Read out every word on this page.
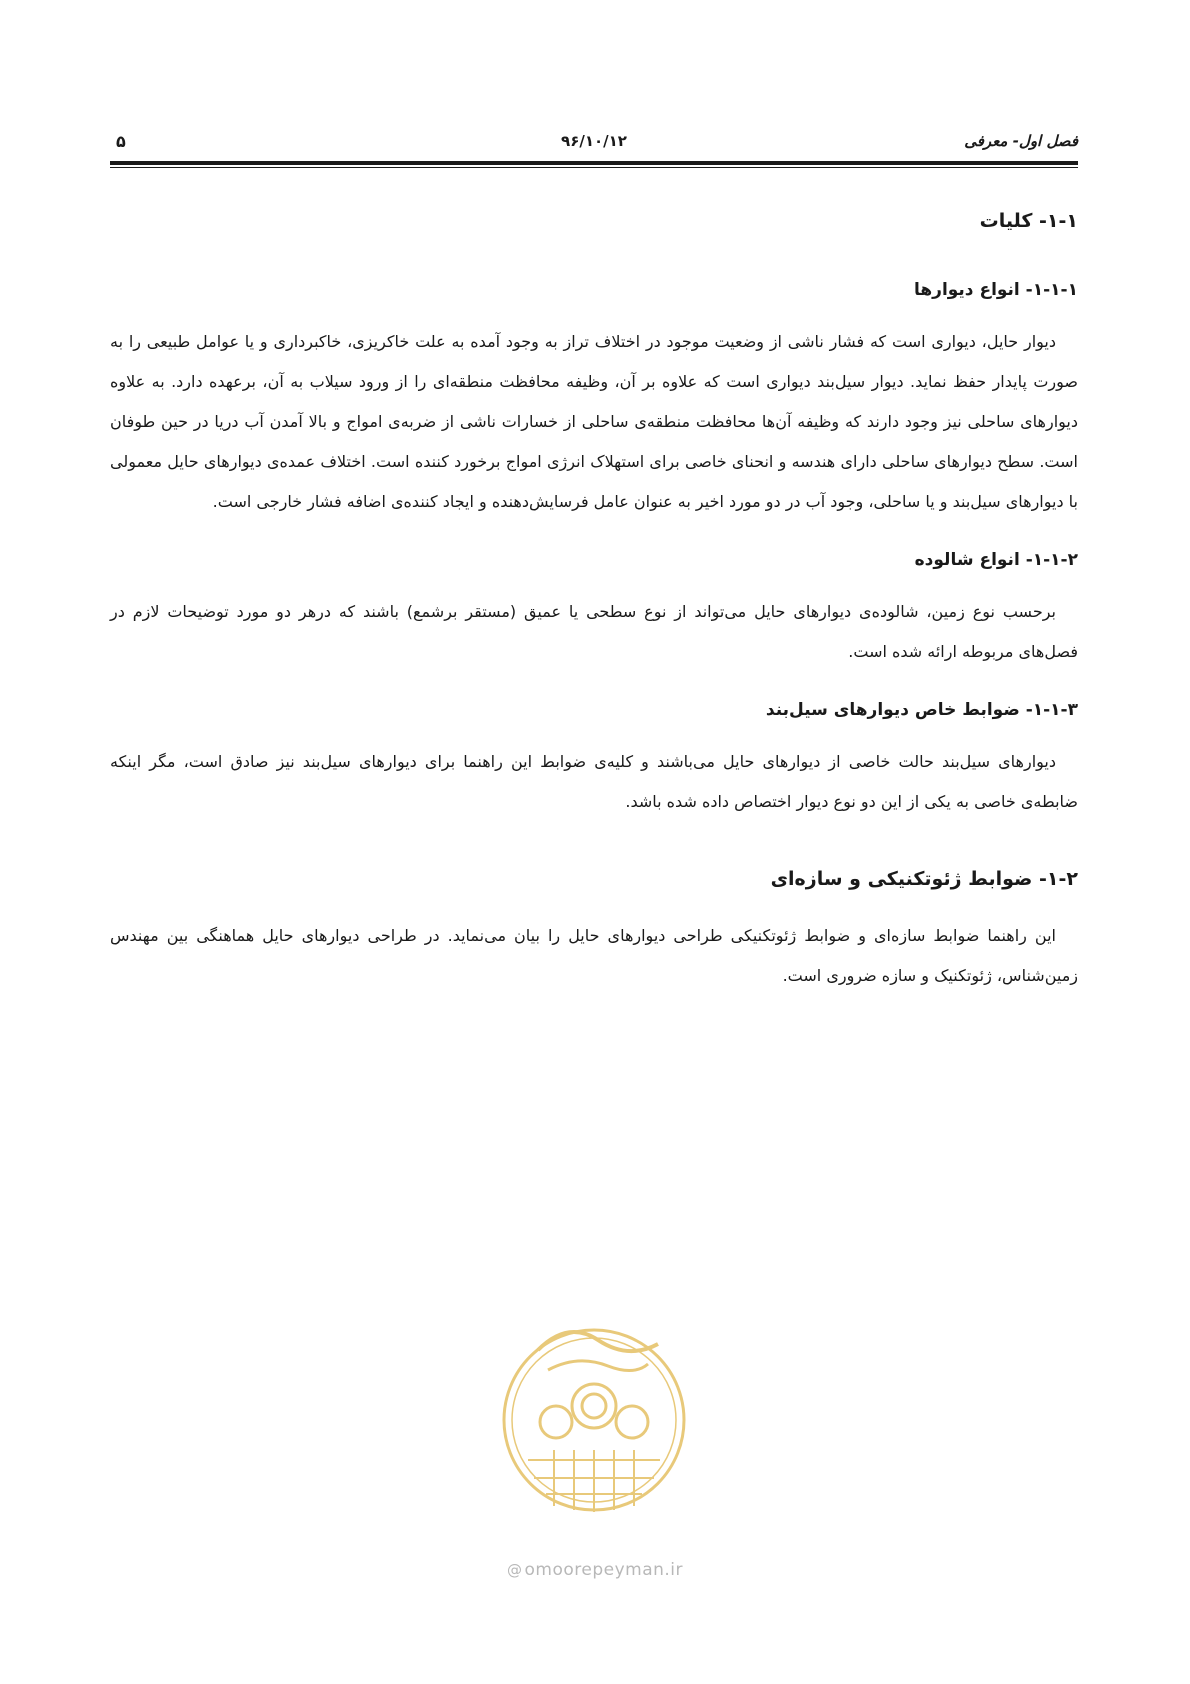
۵	۹۶/۱۰/۱۲	فصل اول- معرفی
۱-۱- کلیات
۱-۱-۱- انواع دیوارها

دیوار حایل، دیواری است که فشار ناشی از وضعیت موجود در اختلاف تراز به وجود آمده به علت خاکریزی، خاکبرداری و یا عوامل طبیعی را به صورت پایدار حفظ نماید. دیوار سیل‌بند دیواری است که علاوه بر آن، وظیفه محافظت منطقه‌ای را از ورود سیلاب به آن، برعهده دارد. به علاوه دیوارهای ساحلی نیز وجود دارند که وظیفه آن‌ها محافظت منطقه‌ی ساحلی از خسارات ناشی از ضربه‌ی امواج و بالا آمدن آب دریا در حین طوفان است. سطح دیوارهای ساحلی دارای هندسه و انحنای خاصی برای استهلاک انرژی امواج برخورد کننده است. اختلاف عمده‌ی دیوارهای حایل معمولی با دیوارهای سیل‌بند و یا ساحلی، وجود آب در دو مورد اخیر به عنوان عامل فرسایش‌دهنده و ایجاد کننده‌ی اضافه فشار خارجی است.

۱-۱-۲- انواع شالوده

برحسب نوع زمین، شالوده‌ی دیوارهای حایل می‌تواند از نوع سطحی یا عمیق (مستقر برشمع) باشند که درهر دو مورد توضیحات لازم در فصل‌های مربوطه ارائه شده است.

۱-۱-۳- ضوابط خاص دیوارهای سیل‌بند

دیوارهای سیل‌بند حالت خاصی از دیوارهای حایل می‌باشند و کلیه‌ی ضوابط این راهنما برای دیوارهای سیل‌بند نیز صادق است، مگر اینکه ضابطه‌ی خاصی به یکی از این دو نوع دیوار اختصاص داده شده باشد.

۱-۲- ضوابط ژئوتکنیکی و سازه‌ای

این راهنما ضوابط سازه‌ای و ضوابط ژئوتکنیکی طراحی دیوارهای حایل را بیان می‌نماید. در طراحی دیوارهای حایل هماهنگی بین مهندس زمین‌شناس، ژئوتکنیک و سازه ضروری است.

@ omoorepeyman.ir
